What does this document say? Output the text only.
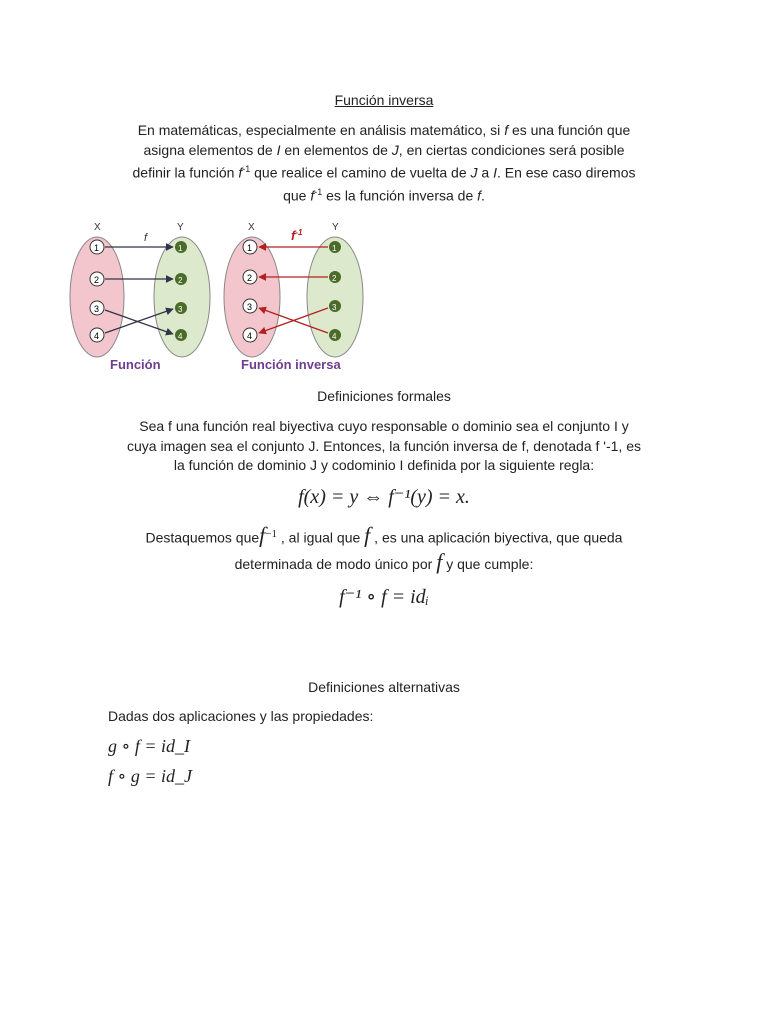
Función inversa
En matemáticas, especialmente en análisis matemático, si f es una función que
asigna elementos de I en elementos de J, en ciertas condiciones será posible
definir la función $f^{-1}$ que realice el camino de vuelta de J a I. En ese caso diremos
que $f^{-1}$ es la función inversa de f.
X	Y
f
1
2
3
4
1
2
3
4
Función
X	Y
$f^{-1}$
1
2
3
4
1
2
3
4
Función inversa
Definiciones formales
Sea f una función real biyectiva cuyo responsable o dominio sea el conjunto I y
cuya imagen sea el conjunto J. Entonces, la función inversa de f, denotada f '-1, es
la función de dominio J y codominio I definida por la siguiente regla:
f(x) = y ⇔ f⁻¹(y) = x.
Destaquemos quef$^{-1}$ , al igual que f , es una aplicación biyectiva, que queda
determinada de modo único por f y que cumple:
f⁻¹ ∘ f = idᵢ
Definiciones alternativas
Dadas dos aplicaciones y las propiedades:
g ∘ f = id_I
f ∘ g = id_J
